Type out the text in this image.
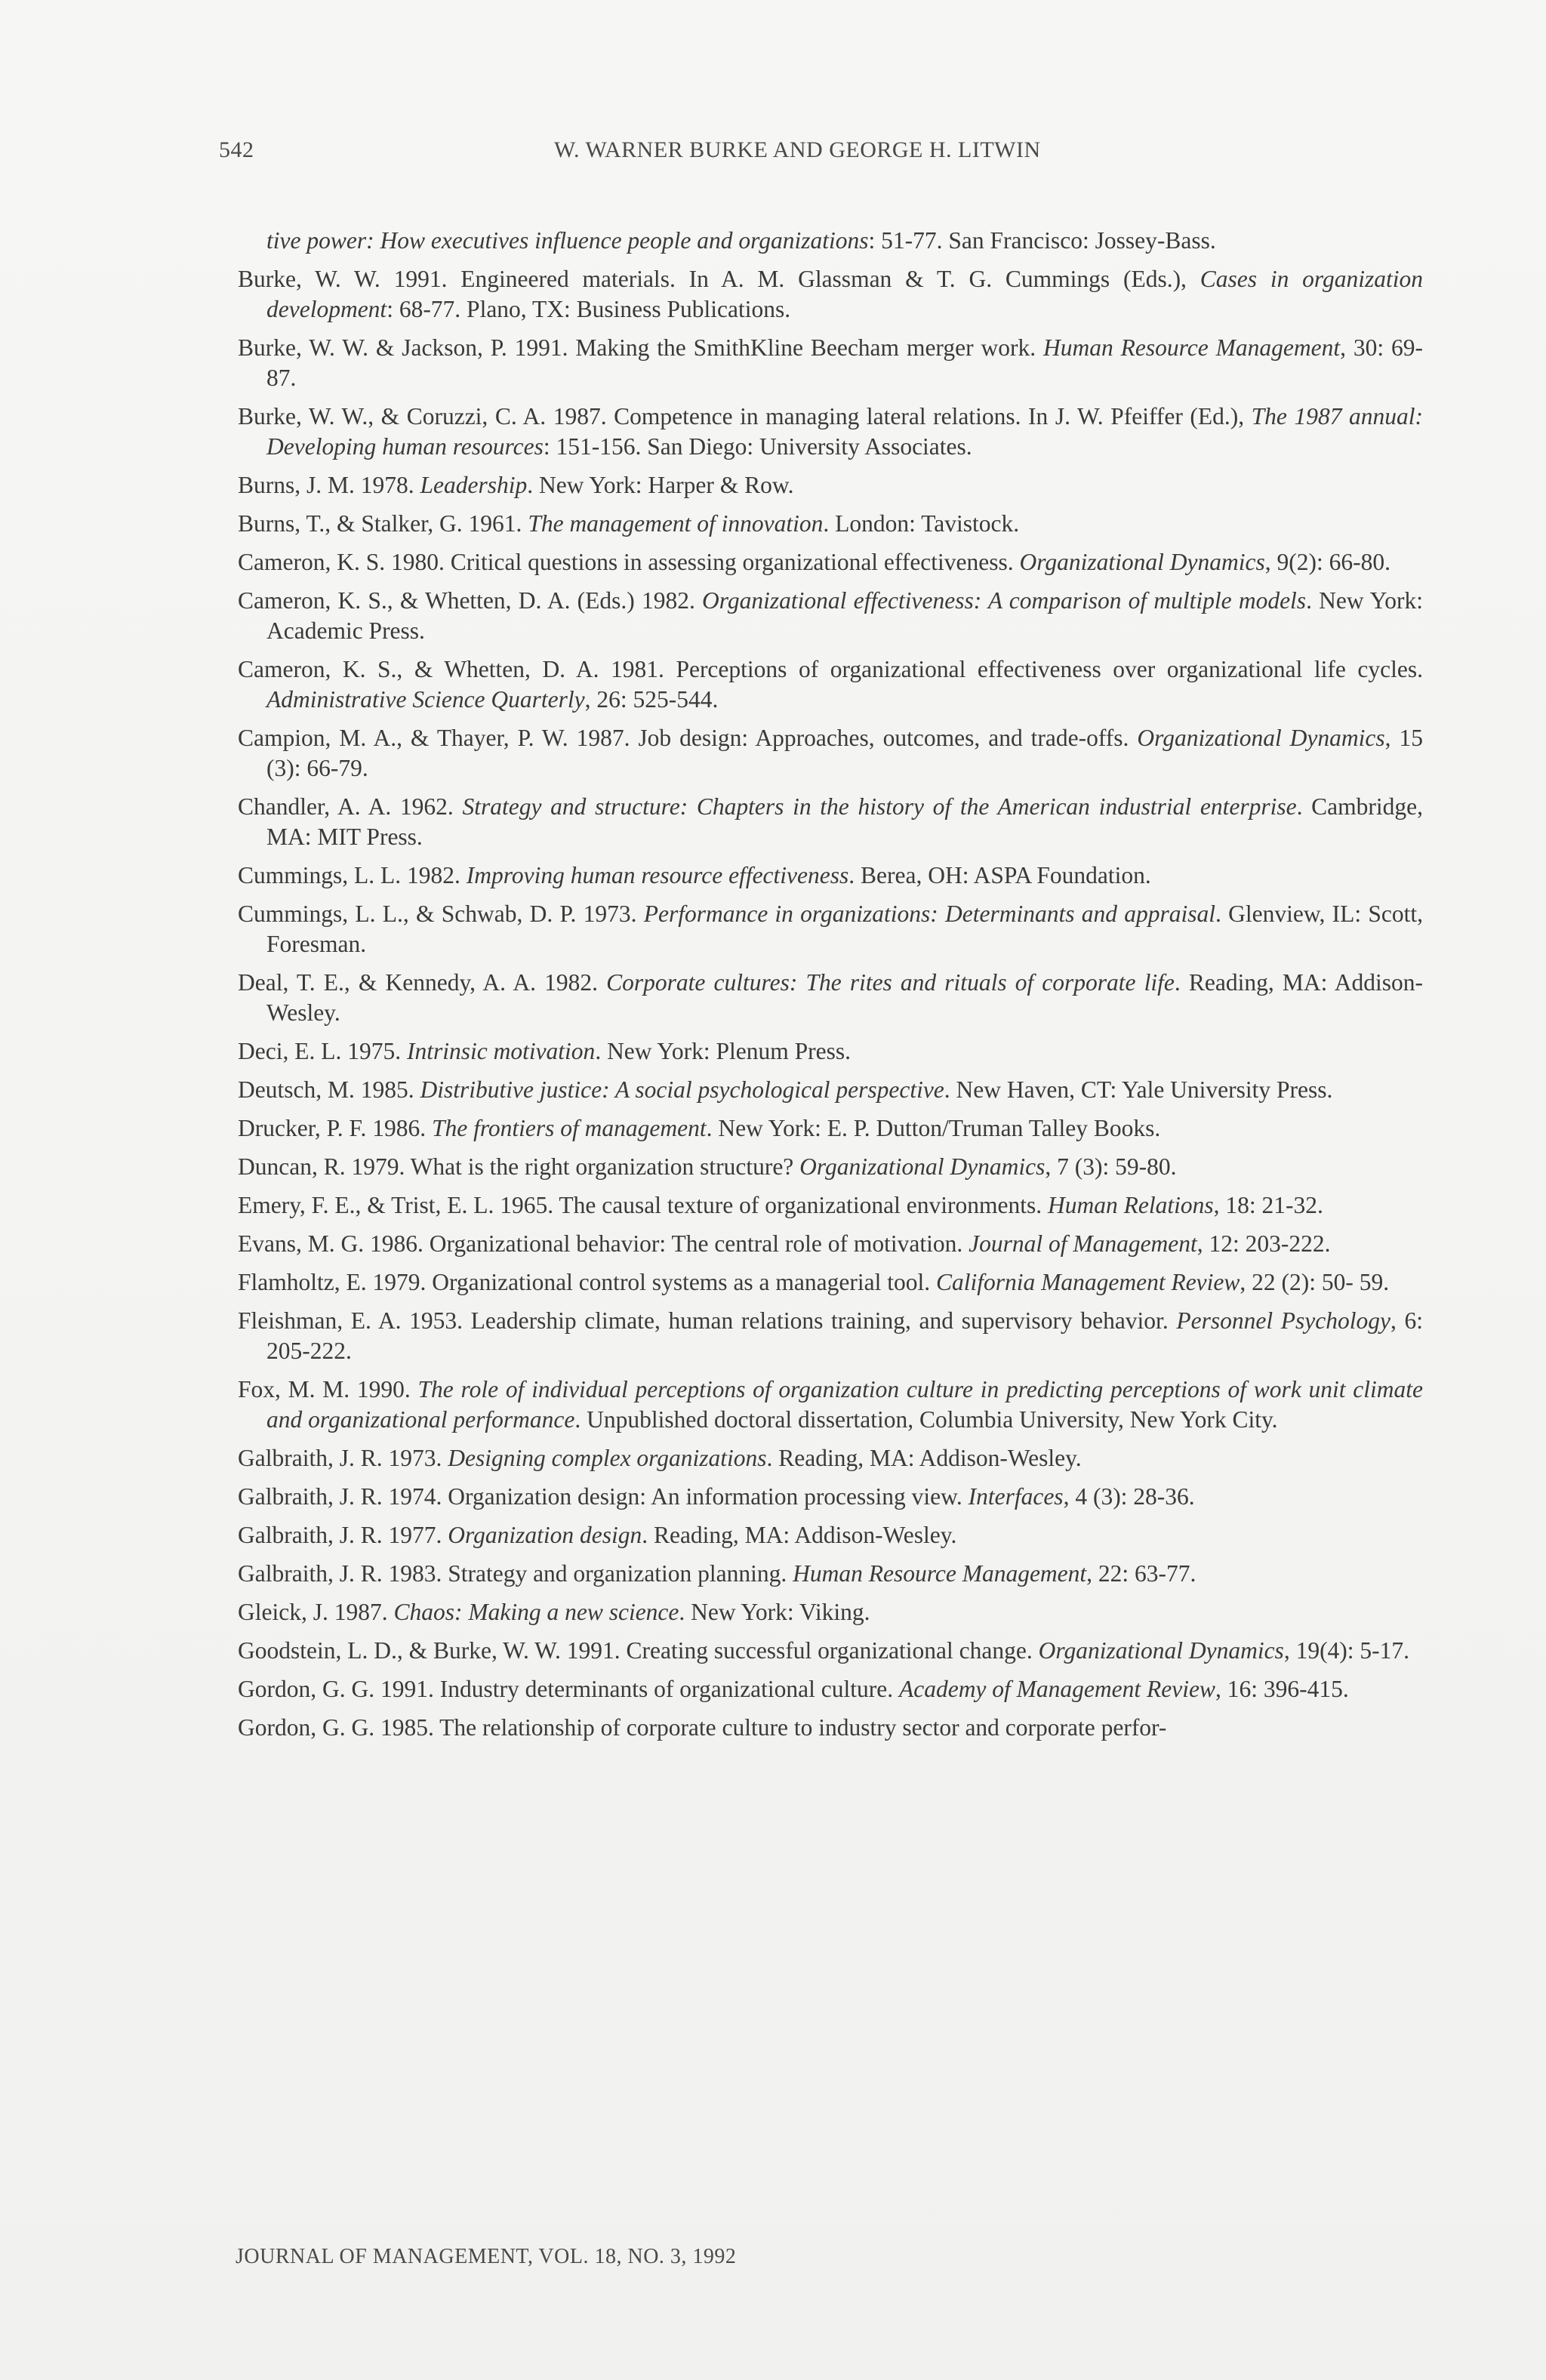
542	W. WARNER BURKE AND GEORGE H. LITWIN

tive power: How executives influence people and organizations: 51-77. San Francisco: Jossey-Bass.

Burke, W. W. 1991. Engineered materials. In A. M. Glassman & T. G. Cummings (Eds.), Cases in organization development: 68-77. Plano, TX: Business Publications.

Burke, W. W. & Jackson, P. 1991. Making the SmithKline Beecham merger work. Human Resource Management, 30: 69-87.

Burke, W. W., & Coruzzi, C. A. 1987. Competence in managing lateral relations. In J. W. Pfeiffer (Ed.), The 1987 annual: Developing human resources: 151-156. San Diego: University Associates.

Burns, J. M. 1978. Leadership. New York: Harper & Row.

Burns, T., & Stalker, G. 1961. The management of innovation. London: Tavistock.

Cameron, K. S. 1980. Critical questions in assessing organizational effectiveness. Organizational Dynamics, 9(2): 66-80.

Cameron, K. S., & Whetten, D. A. (Eds.) 1982. Organizational effectiveness: A comparison of multiple models. New York: Academic Press.

Cameron, K. S., & Whetten, D. A. 1981. Perceptions of organizational effectiveness over organizational life cycles. Administrative Science Quarterly, 26: 525-544.

Campion, M. A., & Thayer, P. W. 1987. Job design: Approaches, outcomes, and trade-offs. Organizational Dynamics, 15 (3): 66-79.

Chandler, A. A. 1962. Strategy and structure: Chapters in the history of the American industrial enterprise. Cambridge, MA: MIT Press.

Cummings, L. L. 1982. Improving human resource effectiveness. Berea, OH: ASPA Foundation.

Cummings, L. L., & Schwab, D. P. 1973. Performance in organizations: Determinants and appraisal. Glenview, IL: Scott, Foresman.

Deal, T. E., & Kennedy, A. A. 1982. Corporate cultures: The rites and rituals of corporate life. Reading, MA: Addison-Wesley.

Deci, E. L. 1975. Intrinsic motivation. New York: Plenum Press.

Deutsch, M. 1985. Distributive justice: A social psychological perspective. New Haven, CT: Yale University Press.

Drucker, P. F. 1986. The frontiers of management. New York: E. P. Dutton/Truman Talley Books.

Duncan, R. 1979. What is the right organization structure? Organizational Dynamics, 7 (3): 59-80.

Emery, F. E., & Trist, E. L. 1965. The causal texture of organizational environments. Human Relations, 18: 21-32.

Evans, M. G. 1986. Organizational behavior: The central role of motivation. Journal of Management, 12: 203-222.

Flamholtz, E. 1979. Organizational control systems as a managerial tool. California Management Review, 22 (2): 50- 59.

Fleishman, E. A. 1953. Leadership climate, human relations training, and supervisory behavior. Personnel Psychology, 6: 205-222.

Fox, M. M. 1990. The role of individual perceptions of organization culture in predicting perceptions of work unit climate and organizational performance. Unpublished doctoral dissertation, Columbia University, New York City.

Galbraith, J. R. 1973. Designing complex organizations. Reading, MA: Addison-Wesley.

Galbraith, J. R. 1974. Organization design: An information processing view. Interfaces, 4 (3): 28-36.

Galbraith, J. R. 1977. Organization design. Reading, MA: Addison-Wesley.

Galbraith, J. R. 1983. Strategy and organization planning. Human Resource Management, 22: 63-77.

Gleick, J. 1987. Chaos: Making a new science. New York: Viking.

Goodstein, L. D., & Burke, W. W. 1991. Creating successful organizational change. Organizational Dynamics, 19(4): 5-17.

Gordon, G. G. 1991. Industry determinants of organizational culture. Academy of Management Review, 16: 396-415.

Gordon, G. G. 1985. The relationship of corporate culture to industry sector and corporate perfor-

JOURNAL OF MANAGEMENT, VOL. 18, NO. 3, 1992
